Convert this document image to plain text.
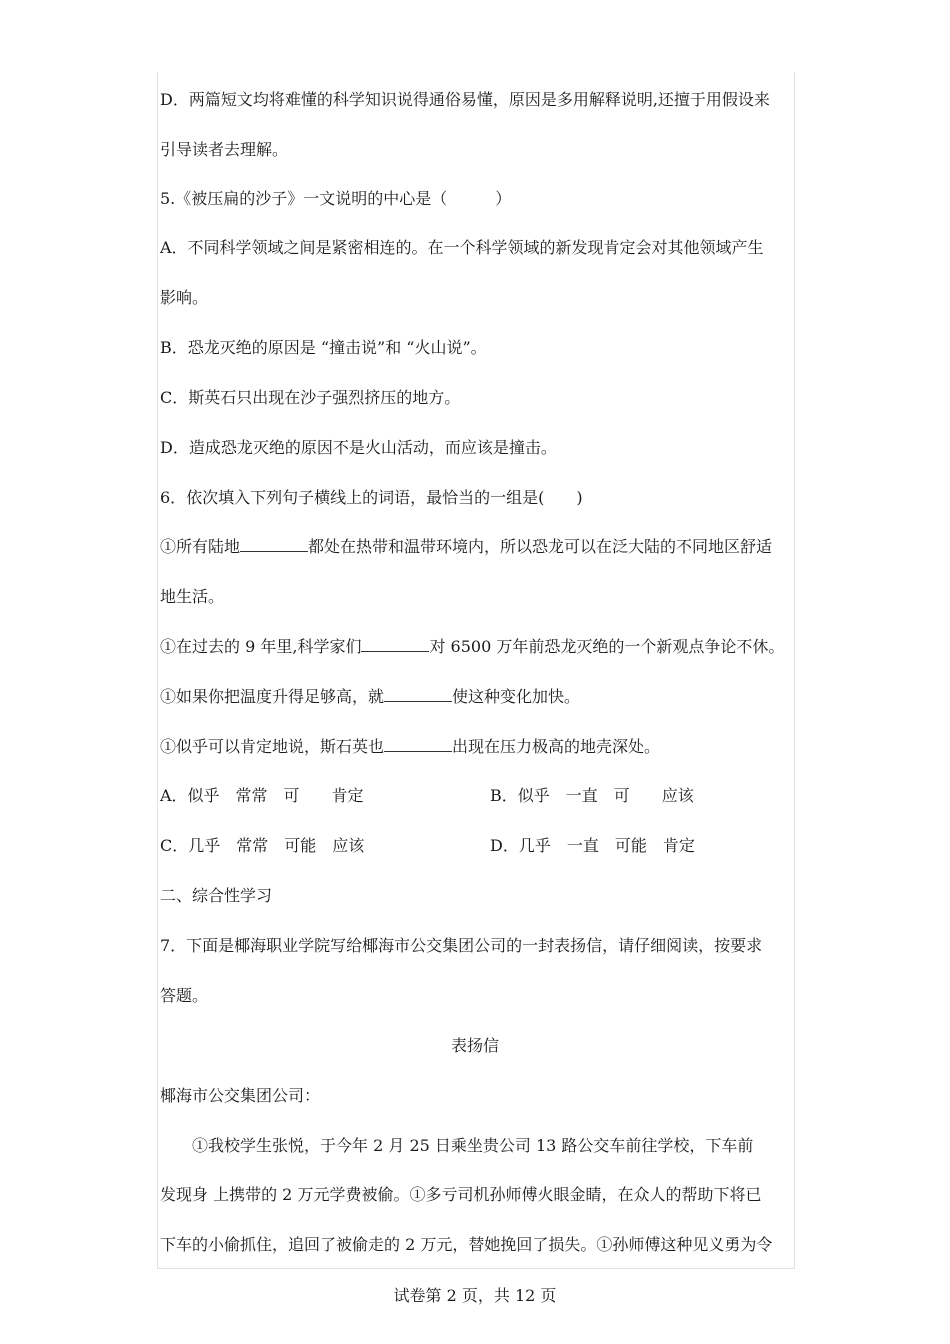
D．两篇短文均将难懂的科学知识说得通俗易懂，原因是多用解释说明,还擅于用假设来
引导读者去理解。
5.《被压扁的沙子》一文说明的中心是（　　　）
A．不同科学领域之间是紧密相连的。在一个科学领域的新发现肯定会对其他领域产生
影响。
B．恐龙灭绝的原因是 “撞击说”和 “火山说”。
C．斯英石只出现在沙子强烈挤压的地方。
D．造成恐龙灭绝的原因不是火山活动，而应该是撞击。
6．依次填入下列句子横线上的词语，最恰当的一组是(　　)
①所有陆地	都处在热带和温带环境内，所以恐龙可以在泛大陆的不同地区舒适
地生活。
①在过去的 9 年里,科学家们	对 6500 万年前恐龙灭绝的一个新观点争论不休。
①如果你把温度升得足够高，就	使这种变化加快。
①似乎可以肯定地说，斯石英也	出现在压力极高的地壳深处。
A．似乎　常常　可　　肯定	B．似乎　一直　可　　应该
C．几乎　常常　可能　应该	D．几乎　一直　可能　肯定
二、综合性学习
7．下面是椰海职业学院写给椰海市公交集团公司的一封表扬信，请仔细阅读，按要求
答题。
表扬信
椰海市公交集团公司：
①我校学生张悦，于今年 2 月 25 日乘坐贵公司 13 路公交车前往学校，下车前
发现身 上携带的 2 万元学费被偷。①多亏司机孙师傅火眼金睛，在众人的帮助下将已
下车的小偷抓住，追回了被偷走的 2 万元，替她挽回了损失。①孙师傅这种见义勇为令
试卷第 2 页，共 12 页
